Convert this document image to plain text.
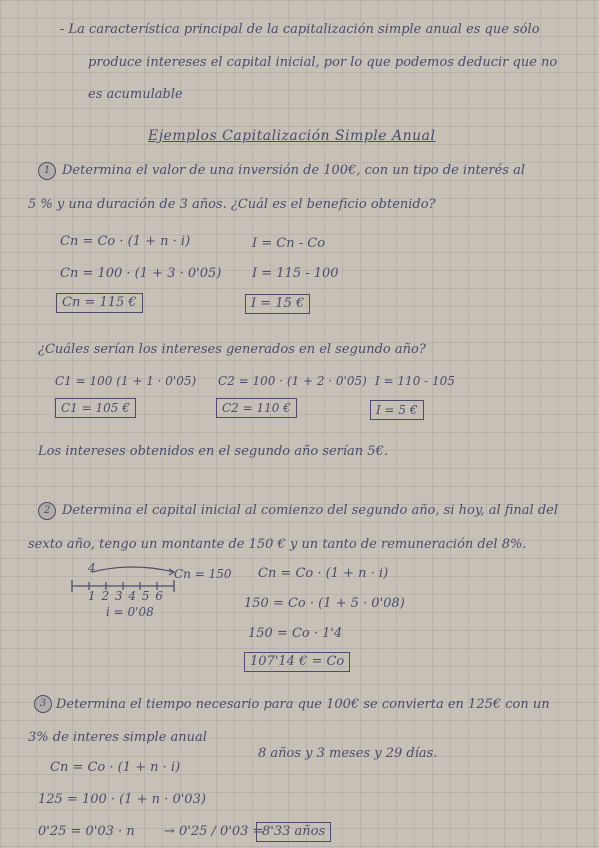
- La característica principal de la capitalización simple anual es que sólo
produce intereses el capital inicial, por lo que podemos deducir que no
es acumulable
Ejemplos Capitalización Simple Anual
1 Determina el valor de una inversión de 100€, con un tipo de interés al
5 % y una duración de 3 años. ¿Cuál es el beneficio obtenido?
Cn = Co · (1 + n · i)
Cn = 100 · (1 + 3 · 0'05)
Cn = 115 €
I = Cn - Co
I = 115 - 100
I = 15 €
¿Cuáles serían los intereses generados en el segundo año?
C1 = 100 (1 + 1 · 0'05) C2 = 100 · (1 + 2 · 0'05) I = 110 - 105
C1 = 105 €	C2 = 110 €	I = 5 €
Los intereses obtenidos en el segundo año serían 5€.
2 Determina el capital inicial al comienzo del segundo año, si hoy, al final del
sexto año, tengo un montante de 150 € y un tanto de remuneración del 8%.
4	Cn = 150
1 2 3 4 5 6
i = 0'08
Cn = Co · (1 + n · i)
150 = Co · (1 + 5 · 0'08)
150 = Co · 1'4
107'14 € = Co
3 Determina el tiempo necesario para que 100€ se convierta en 125€ con un
3% de interes simple anual
8 años y 3 meses y 29 días.
Cn = Co · (1 + n · i)
125 = 100 · (1 + n · 0'03)
0'25 = 0'03 · n → 0'25 / 0'03 =
8'33 años
